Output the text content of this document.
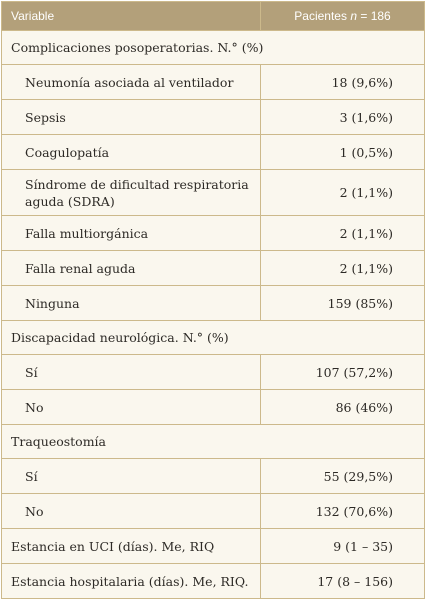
Variable	Pacientes n = 186
Complicaciones posoperatorias. N.° (%)	
Neumonía asociada al ventilador	18 (9,6%)
Sepsis	3 (1,6%)
Coagulopatía	1 (0,5%)
Síndrome de dificultad respiratoria aguda (SDRA)	2 (1,1%)
Falla multiorgánica	2 (1,1%)
Falla renal aguda	2 (1,1%)
Ninguna	159 (85%)
Discapacidad neurológica. N.° (%)	
Sí	107 (57,2%)
No	86 (46%)
Traqueostomía	
Sí	55 (29,5%)
No	132 (70,6%)
Estancia en UCI (días). Me, RIQ	9 (1 – 35)
Estancia hospitalaria (días). Me, RIQ.	17 (8 – 156)
